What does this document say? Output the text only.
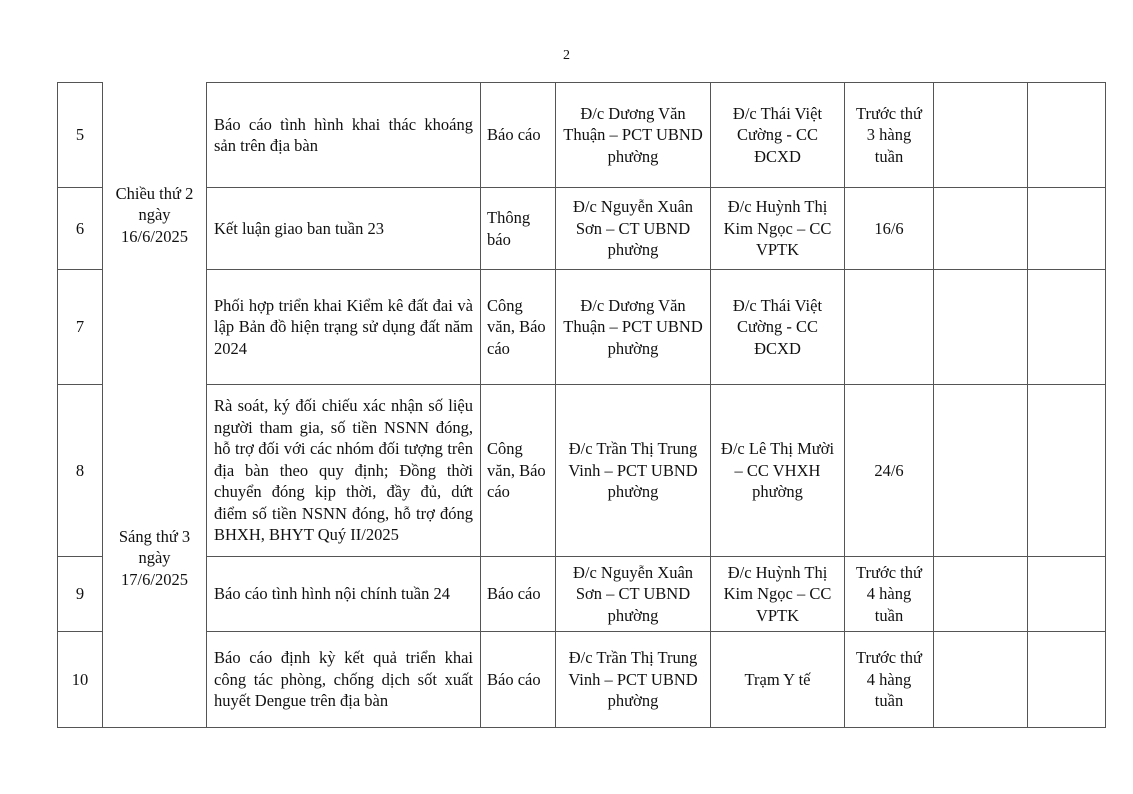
2
5	Chiều thứ 2 ngày 16/6/2025	Báo cáo tình hình khai thác khoáng sản trên địa bàn	Báo cáo	Đ/c Dương Văn Thuận – PCT UBND phường	Đ/c Thái Việt Cường - CC ĐCXD	Trước thứ 3 hàng tuần		
6		Kết luận giao ban tuần 23	Thông báo	Đ/c Nguyễn Xuân Sơn – CT UBND phường	Đ/c Huỳnh Thị Kim Ngọc – CC VPTK	16/6		
7		Phối hợp triển khai Kiểm kê đất đai và lập Bản đồ hiện trạng sử dụng đất năm 2024	Công văn, Báo cáo	Đ/c Dương Văn Thuận – PCT UBND phường	Đ/c Thái Việt Cường - CC ĐCXD			
8		Rà soát, ký đối chiếu xác nhận số liệu người tham gia, số tiền NSNN đóng, hỗ trợ đối với các nhóm đối tượng trên địa bàn theo quy định; Đồng thời chuyển đóng kịp thời, đầy đủ, dứt điểm số tiền NSNN đóng, hỗ trợ đóng BHXH, BHYT Quý II/2025	Công văn, Báo cáo	Đ/c Trần Thị Trung Vinh – PCT UBND phường	Đ/c Lê Thị Mười – CC VHXH phường	24/6		
9	Sáng thứ 3 ngày 17/6/2025	Báo cáo tình hình nội chính tuần 24	Báo cáo	Đ/c Nguyễn Xuân Sơn – CT UBND phường	Đ/c Huỳnh Thị Kim Ngọc – CC VPTK	Trước thứ 4 hàng tuần		
10		Báo cáo định kỳ kết quả triển khai công tác phòng, chống dịch sốt xuất huyết Dengue trên địa bàn	Báo cáo	Đ/c Trần Thị Trung Vinh – PCT UBND phường	Trạm Y tế	Trước thứ 4 hàng tuần		
